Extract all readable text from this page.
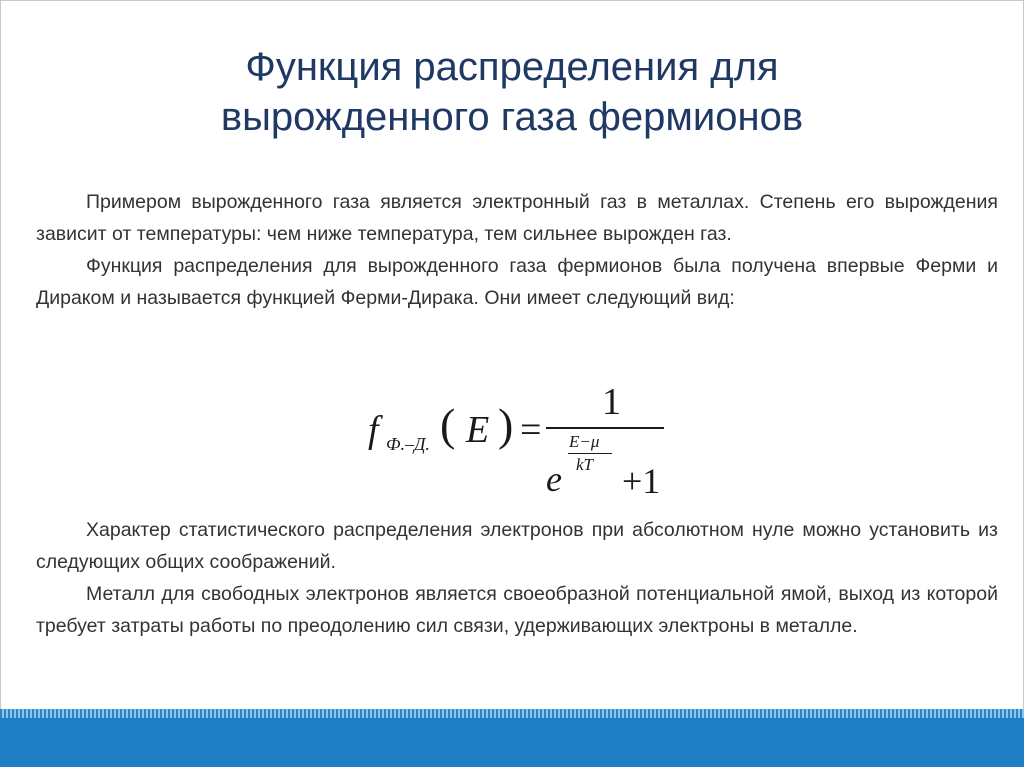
Функция распределения для
вырожденного газа фермионов

Примером вырожденного газа является электронный газ в металлах. Степень его вырождения зависит от температуры: чем ниже температура, тем сильнее вырожден газ.

Функция распределения для вырожденного газа фермионов была получена впервые Ферми и Дираком и называется функцией Ферми-Дирака. Они имеет следующий вид:

f Ф.–Д. ( E ) =
1
e
E−μ
kT +1

Характер статистического распределения электронов при абсолютном нуле можно установить из следующих общих соображений.

Металл для свободных электронов является своеобразной потенциальной ямой, выход из которой требует затраты работы по преодолению сил связи, удерживающих электроны в металле.
